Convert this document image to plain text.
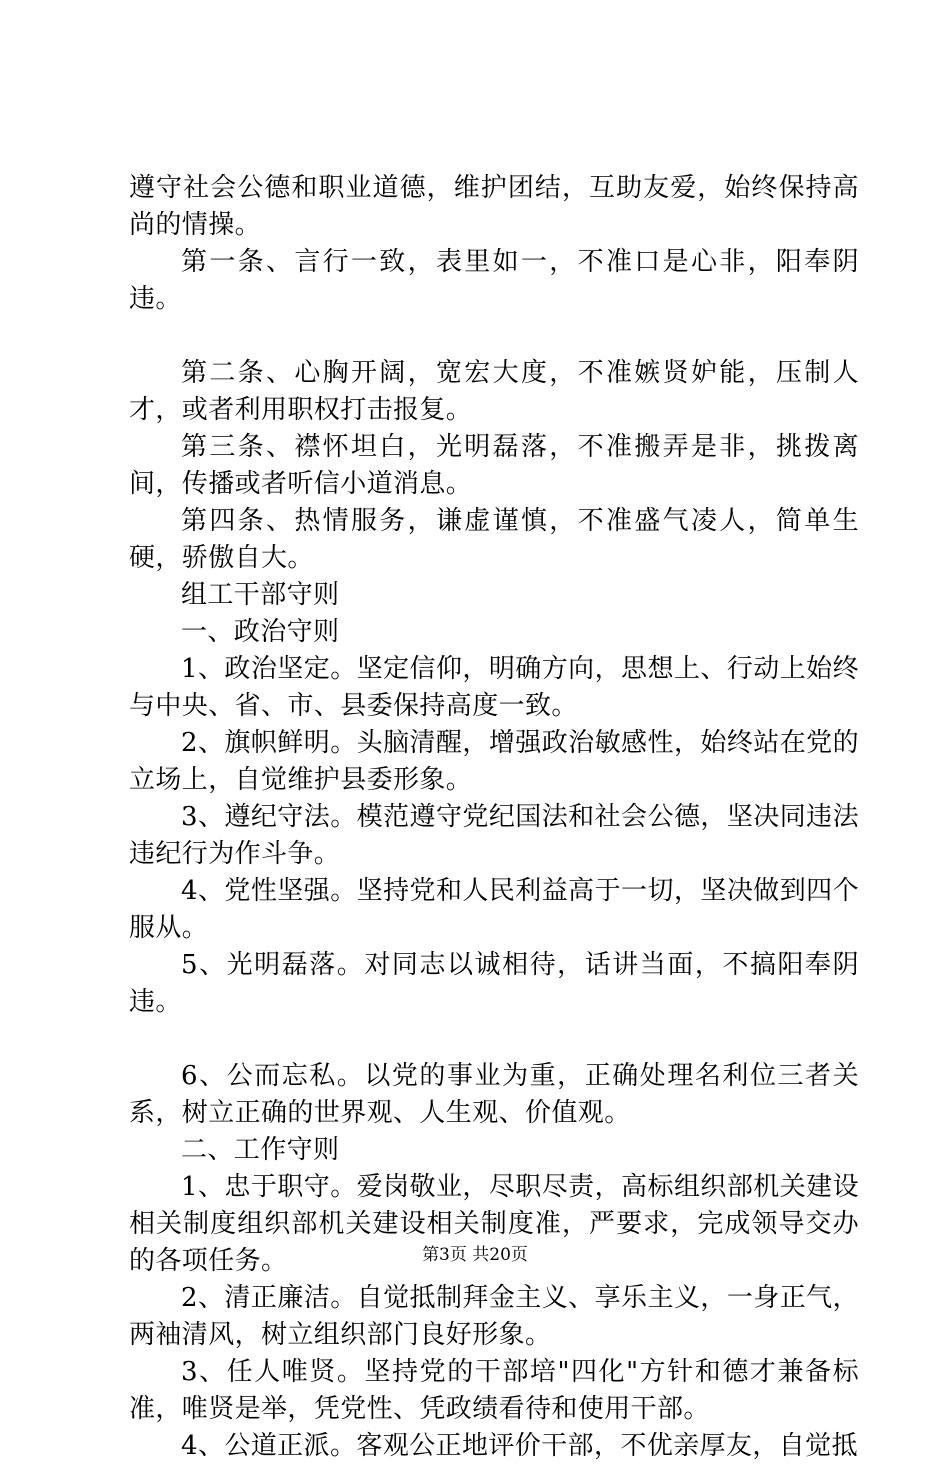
遵守社会公德和职业道德，维护团结，互助友爱，始终保持高尚的情操。

第一条、言行一致，表里如一，不准口是心非，阳奉阴违。

第二条、心胸开阔，宽宏大度，不准嫉贤妒能，压制人才，或者利用职权打击报复。

第三条、襟怀坦白，光明磊落，不准搬弄是非，挑拨离间，传播或者听信小道消息。

第四条、热情服务，谦虚谨慎，不准盛气凌人，简单生硬，骄傲自大。

组工干部守则

一、政治守则

1、政治坚定。坚定信仰，明确方向，思想上、行动上始终与中央、省、市、县委保持高度一致。

2、旗帜鲜明。头脑清醒，增强政治敏感性，始终站在党的立场上，自觉维护县委形象。

3、遵纪守法。模范遵守党纪国法和社会公德，坚决同违法违纪行为作斗争。

4、党性坚强。坚持党和人民利益高于一切，坚决做到四个服从。

5、光明磊落。对同志以诚相待，话讲当面，不搞阳奉阴违。

6、公而忘私。以党的事业为重，正确处理名利位三者关系，树立正确的世界观、人生观、价值观。

二、工作守则

1、忠于职守。爱岗敬业，尽职尽责，高标组织部机关建设相关制度组织部机关建设相关制度准，严要求，完成领导交办的各项任务。

2、清正廉洁。自觉抵制拜金主义、享乐主义，一身正气，两袖清风，树立组织部门良好形象。

3、任人唯贤。坚持党的干部培"四化"方针和德才兼备标准，唯贤是举，凭党性、凭政绩看待和使用干部。

4、公道正派。客观公正地评价干部，不优亲厚友，自觉抵

第3页 共20页
